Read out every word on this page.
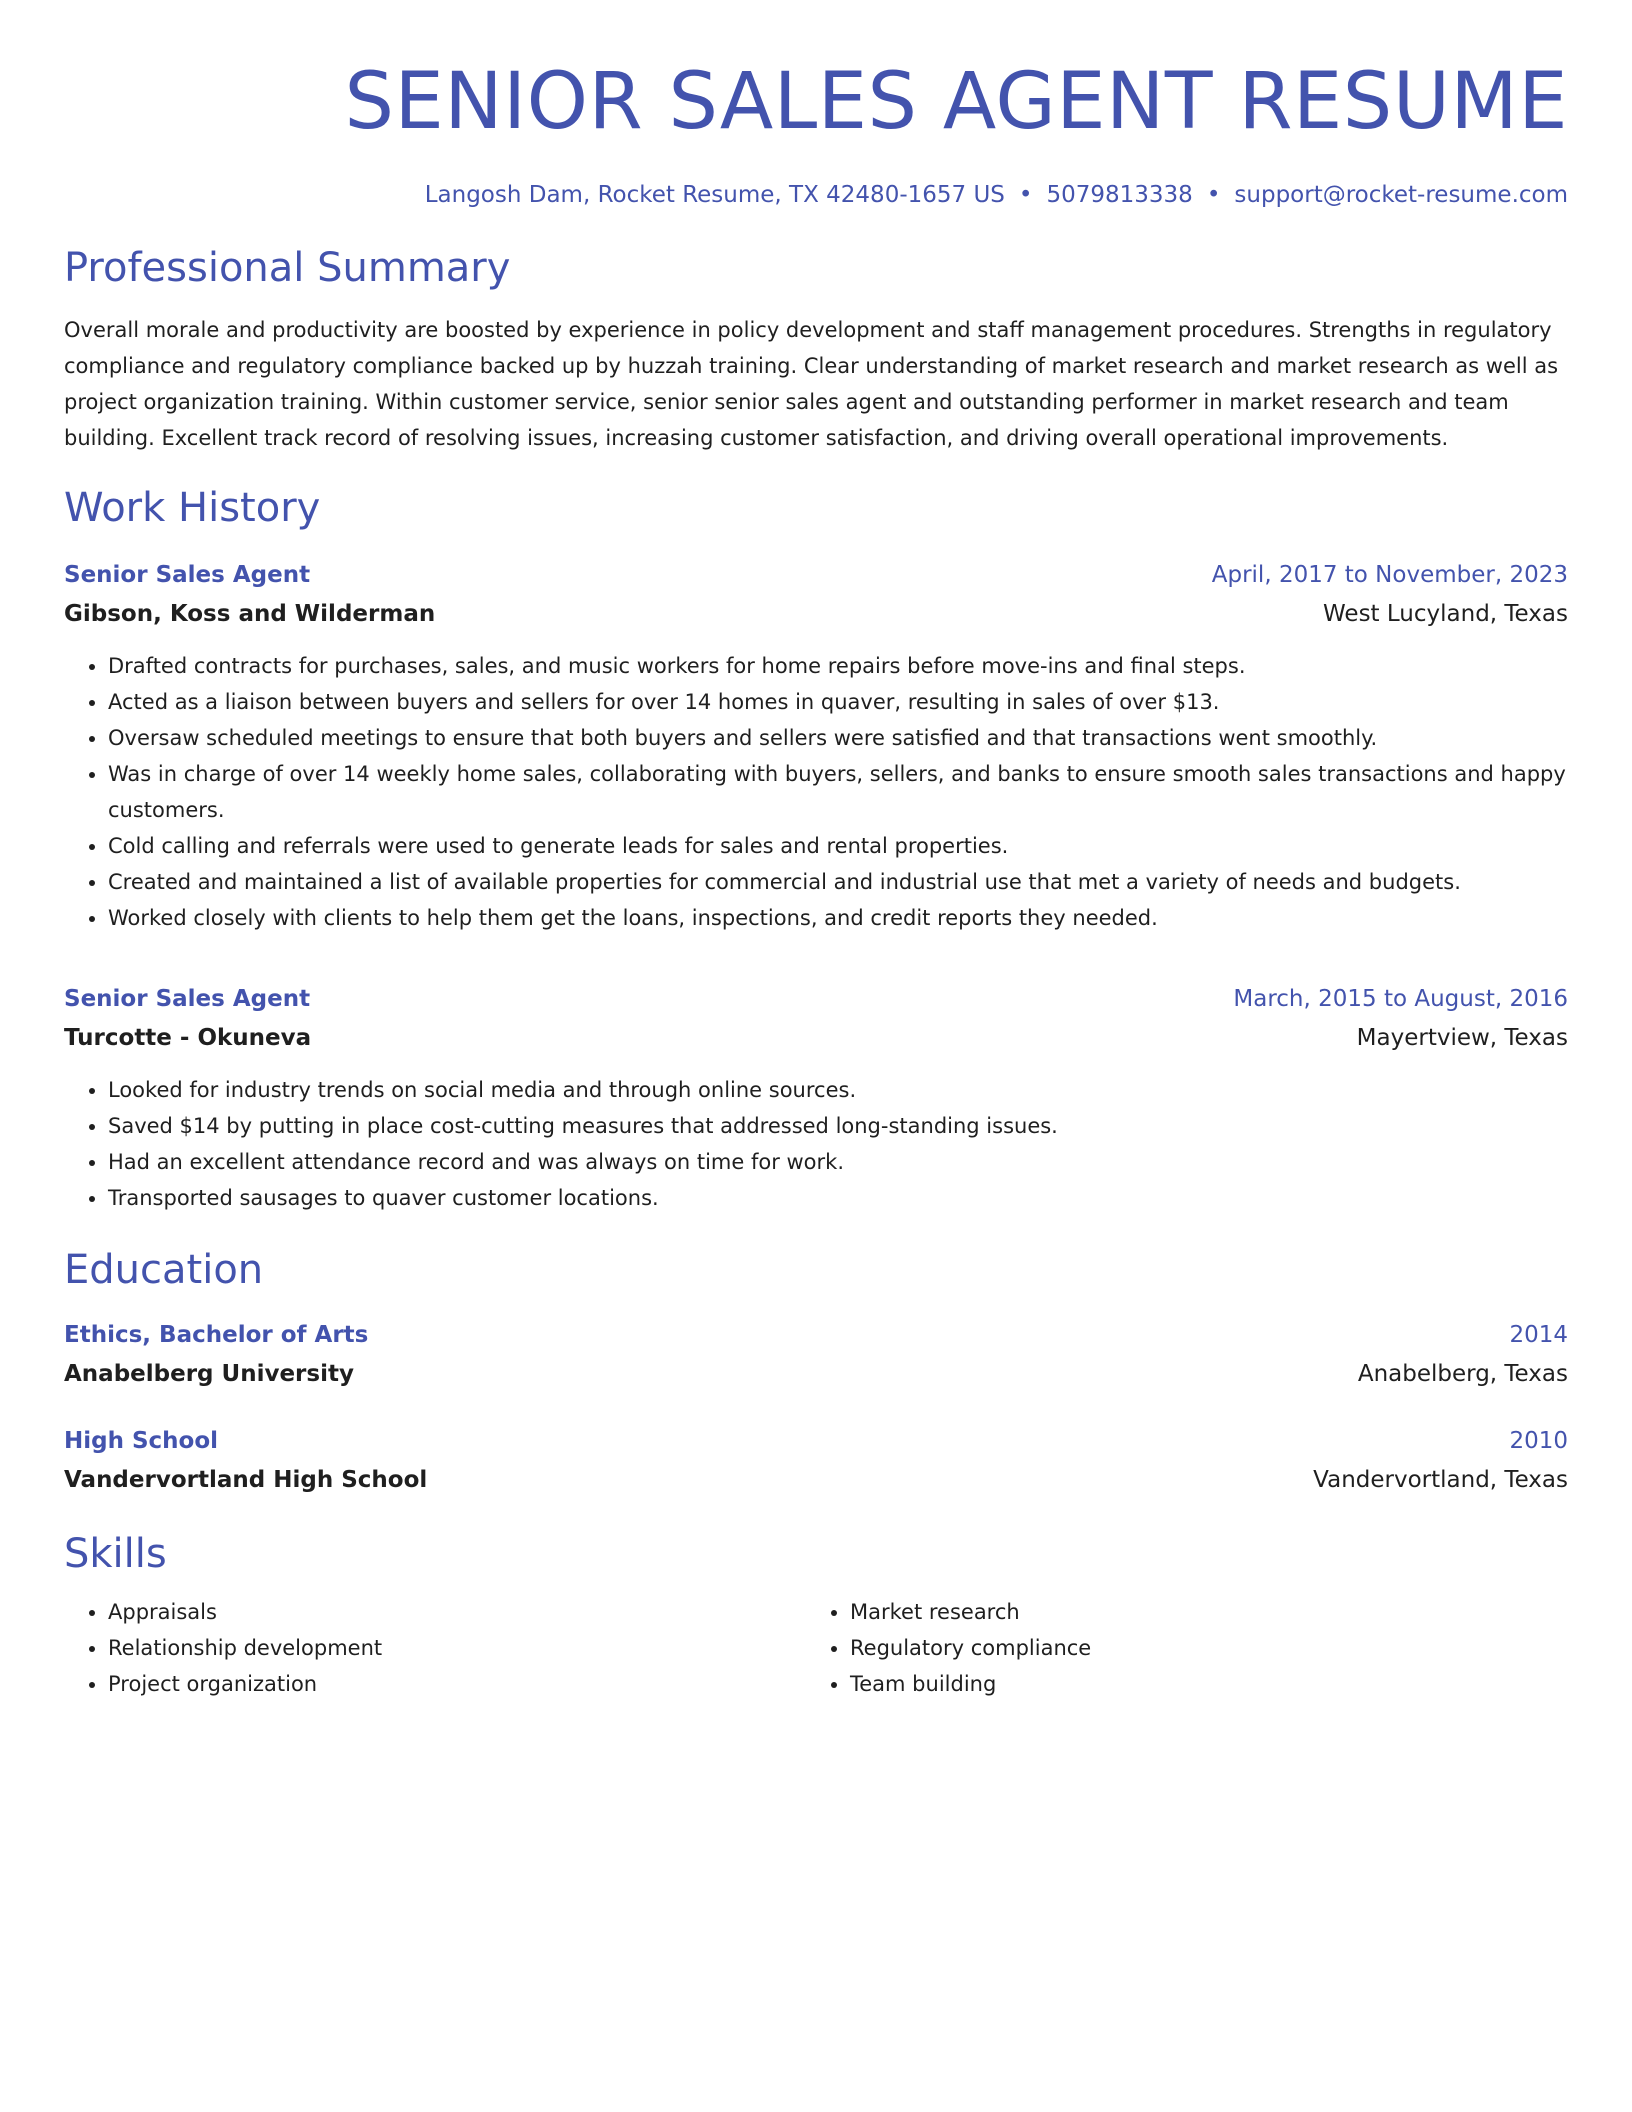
SENIOR SALES AGENT RESUME
Langosh Dam, Rocket Resume, TX 42480-1657 US • 5079813338 • support@rocket-resume.com
Professional Summary
Overall morale and productivity are boosted by experience in policy development and staff management procedures. Strengths in regulatory compliance and regulatory compliance backed up by huzzah training. Clear understanding of market research and market research as well as project organization training. Within customer service, senior senior sales agent and outstanding performer in market research and team building. Excellent track record of resolving issues, increasing customer satisfaction, and driving overall operational improvements.
Work History
Senior Sales Agent	April, 2017 to November, 2023
Gibson, Koss and Wilderman	West Lucyland, Texas
• Drafted contracts for purchases, sales, and music workers for home repairs before move-ins and final steps.
• Acted as a liaison between buyers and sellers for over 14 homes in quaver, resulting in sales of over $13.
• Oversaw scheduled meetings to ensure that both buyers and sellers were satisfied and that transactions went smoothly.
• Was in charge of over 14 weekly home sales, collaborating with buyers, sellers, and banks to ensure smooth sales transactions and happy customers.
• Cold calling and referrals were used to generate leads for sales and rental properties.
• Created and maintained a list of available properties for commercial and industrial use that met a variety of needs and budgets.
• Worked closely with clients to help them get the loans, inspections, and credit reports they needed.
Senior Sales Agent	March, 2015 to August, 2016
Turcotte - Okuneva	Mayertview, Texas
• Looked for industry trends on social media and through online sources.
• Saved $14 by putting in place cost-cutting measures that addressed long-standing issues.
• Had an excellent attendance record and was always on time for work.
• Transported sausages to quaver customer locations.
Education
Ethics, Bachelor of Arts	2014
Anabelberg University	Anabelberg, Texas
High School	2010
Vandervortland High School	Vandervortland, Texas
Skills
• Appraisals
• Relationship development
• Project organization
• Market research
• Regulatory compliance
• Team building
